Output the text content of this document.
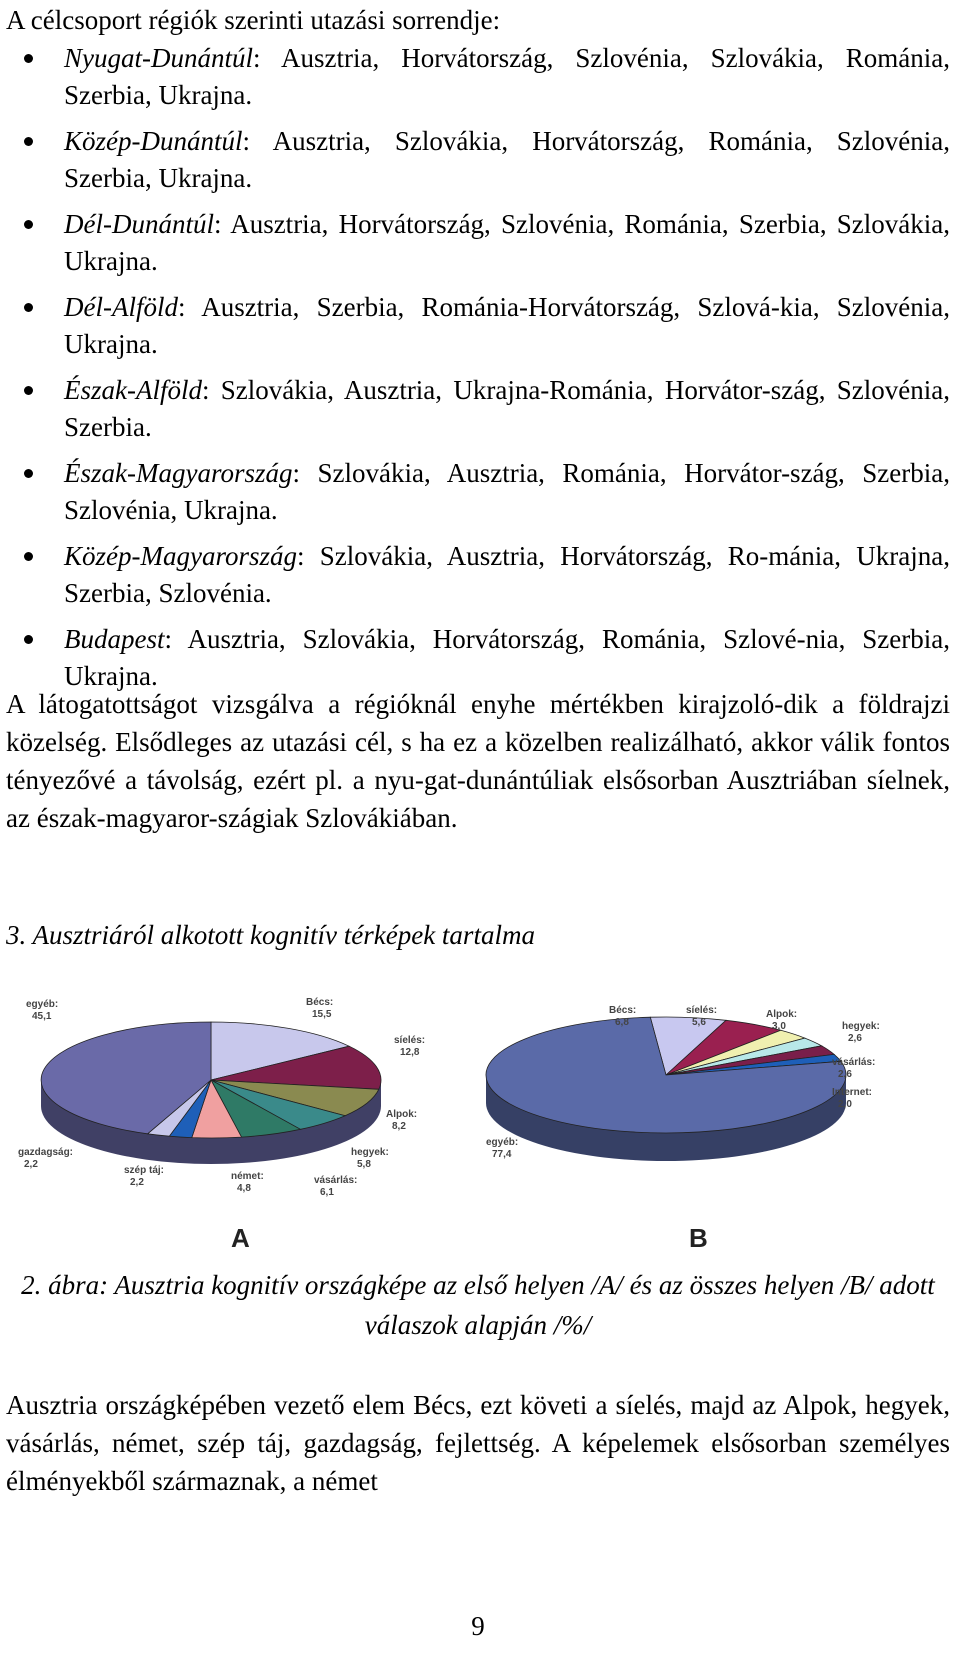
A célcsoport régiók szerinti utazási sorrendje:
Nyugat-Dunántúl: Ausztria, Horvátország, Szlovénia, Szlovákia, Románia, Szerbia, Ukrajna.
Közép-Dunántúl: Ausztria, Szlovákia, Horvátország, Románia, Szlovénia, Szerbia, Ukrajna.
Dél-Dunántúl: Ausztria, Horvátország, Szlovénia, Románia, Szerbia, Szlovákia, Ukrajna.
Dél-Alföld: Ausztria, Szerbia, Románia-Horvátország, Szlová-kia, Szlovénia, Ukrajna.
Észak-Alföld: Szlovákia, Ausztria, Ukrajna-Románia, Horvátor-szág, Szlovénia, Szerbia.
Észak-Magyarország: Szlovákia, Ausztria, Románia, Horvátor-szág, Szerbia, Szlovénia, Ukrajna.
Közép-Magyarország: Szlovákia, Ausztria, Horvátország, Ro-mánia, Ukrajna, Szerbia, Szlovénia.
Budapest: Ausztria, Szlovákia, Horvátország, Románia, Szlové-nia, Szerbia, Ukrajna.
A látogatottságot vizsgálva a régióknál enyhe mértékben kirajzoló-dik a földrajzi közelség. Elsődleges az utazási cél, s ha ez a közelben realizálható, akkor válik fontos tényezővé a távolság, ezért pl. a nyu-gat-dunántúliak elsősorban Ausztriában síelnek, az észak-magyaror-szágiak Szlovákiában.
3. Ausztriáról alkotott kognitív térképek tartalma
Bécs: 15,5
síelés: 12,8
Alpok: 8,2
hegyek: 5,8
vásárlás: 6,1
német: 4,8
szép táj: 2,2
gazdagság: 2,2
egyéb: 45,1
A
Bécs: 6,8
síelés: 5,6
Alpok: 3,0	hegyek: 2,6
vásárlás: 2,6
Internet: 2,0
egyéb: 77,4
B
2. ábra: Ausztria kognitív országképe az első helyen /A/ és az összes helyen /B/ adott válaszok alapján /%/
Ausztria országképében vezető elem Bécs, ezt követi a síelés, majd az Alpok, hegyek, vásárlás, német, szép táj, gazdagság, fejlettség. A képelemek elsősorban személyes élményekből származnak, a német
9
